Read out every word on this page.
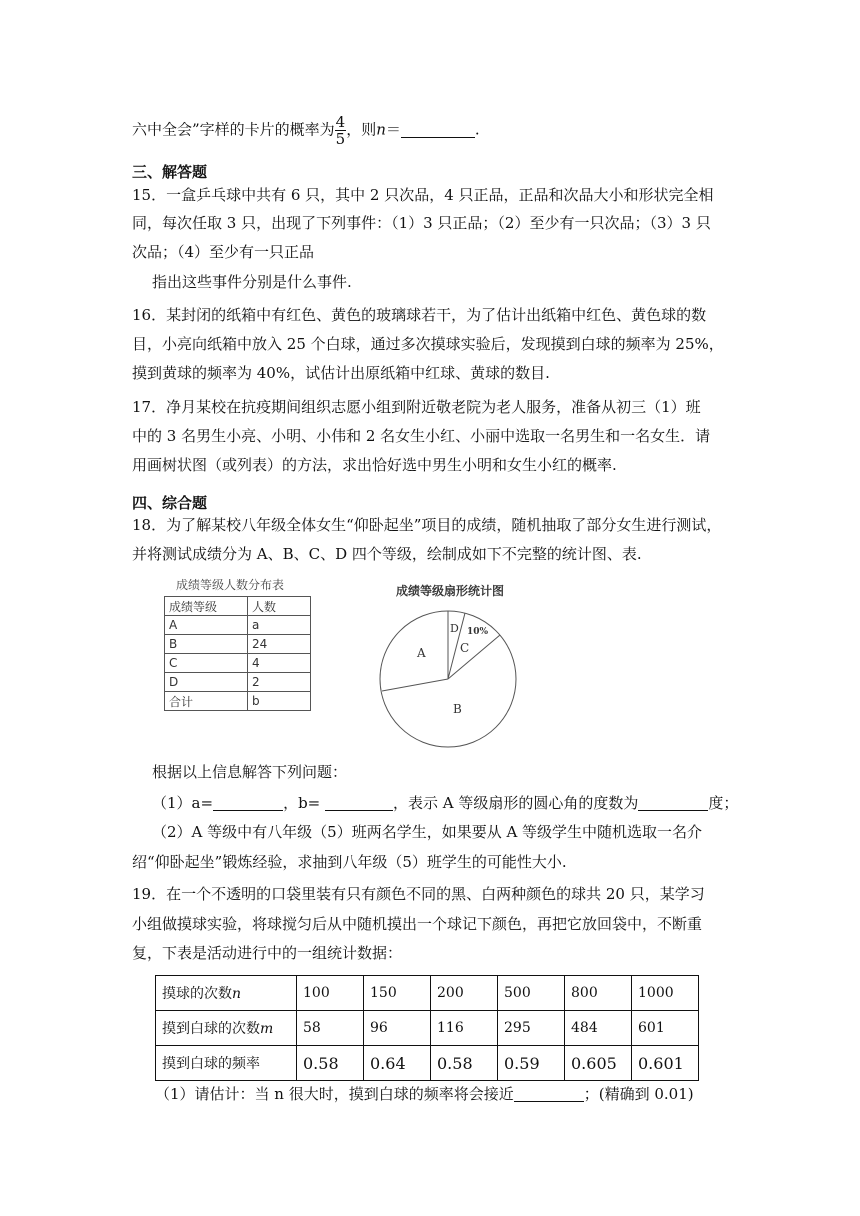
六中全会”字样的卡片的概率为 $\frac{4}{5}$ ，则n＝	.
三、解答题
15．一盒乒乓球中共有 6 只，其中 2 只次品，4 只正品，正品和次品大小和形状完全相
同，每次任取 3 只，出现了下列事件：（1）3 只正品；（2）至少有一只次品；（3）3 只
次品；（4）至少有一只正品
指出这些事件分别是什么事件.
16．某封闭的纸箱中有红色、黄色的玻璃球若干，为了估计出纸箱中红色、黄色球的数
目，小亮向纸箱中放入 25 个白球，通过多次摸球实验后，发现摸到白球的频率为 25%，
摸到黄球的频率为 40%，试估计出原纸箱中红球、黄球的数目.
17．净月某校在抗疫期间组织志愿小组到附近敬老院为老人服务，准备从初三（1）班
中的 3 名男生小亮、小明、小伟和 2 名女生小红、小丽中选取一名男生和一名女生．请
用画树状图（或列表）的方法，求出恰好选中男生小明和女生小红的概率.
四、综合题
18．为了解某校八年级全体女生“仰卧起坐”项目的成绩，随机抽取了部分女生进行测试，
并将测试成绩分为 A、B、C、D 四个等级，绘制成如下不完整的统计图、表.
成绩等级人数分布表
成绩等级	人数
A	a
B	24
C	4
D	2
合计	b
成绩等级扇形统计图
A
D 10%
C
B
根据以上信息解答下列问题：
（1）a=	，b=	，表示 A 等级扇形的圆心角的度数为	度；
（2）A 等级中有八年级（5）班两名学生，如果要从 A 等级学生中随机选取一名介
绍“仰卧起坐”锻炼经验，求抽到八年级（5）班学生的可能性大小.
19．在一个不透明的口袋里装有只有颜色不同的黑、白两种颜色的球共 20 只，某学习
小组做摸球实验，将球搅匀后从中随机摸出一个球记下颜色，再把它放回袋中，不断重
复，下表是活动进行中的一组统计数据：
摸球的次数n	100	150	200	500	800	1000
摸到白球的次数m	58	96	116	295	484	601
摸到白球的频率	0.58	0.64	0.58	0.59	0.605	0.601
（1）请估计：当 n 很大时，摸到白球的频率将会接近	；(精确到 0.01)
